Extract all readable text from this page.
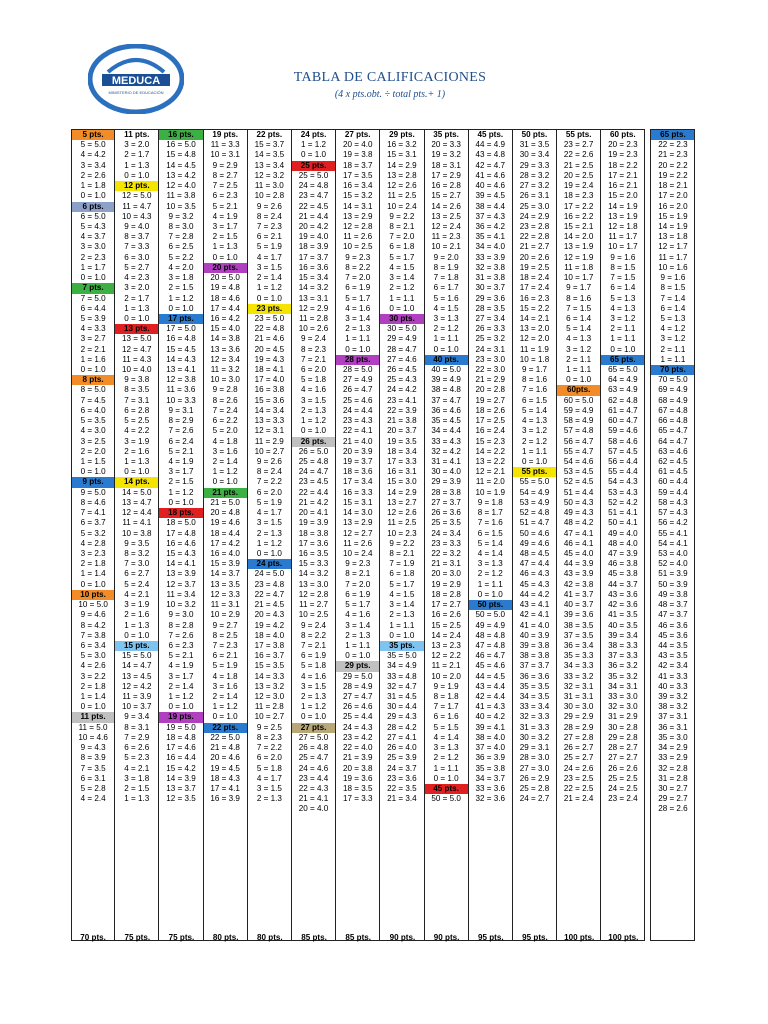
MEDUCA
MINISTERIO DE EDUCACIÓN
TABLA DE CALIFICACIONES
(4 x pts.obt. ÷ total pts.+ 1)
5 pts.
5 = 5.0
4 = 4.2
3 = 3.4
2 = 2.6
1 = 1.8
0 = 1.0
6 pts.
6 = 5.0
5 = 4.3
4 = 3.7
3 = 3.0
2 = 2.3
1 = 1.7
0 = 1.0
7 pts.
7 = 5.0
6 = 4.4
5 = 3.9
4 = 3.3
3 = 2.7
2 = 2.1
1 = 1.6
0 = 1.0
8 pts.
8 = 5.0
7 = 4.5
6 = 4.0
5 = 3.5
4 = 3.0
3 = 2.5
2 = 2.0
1 = 1.5
0 = 1.0
9 pts.
9 = 5.0
8 = 4.6
7 = 4.1
6 = 3.7
5 = 3.2
4 = 2.8
3 = 2.3
2 = 1.8
1 = 1.4
0 = 1.0
10 pts.
10 = 5.0
9 = 4.6
8 = 4.2
7 = 3.8
6 = 3.4
5 = 3.0
4 = 2.6
3 = 2.2
2 = 1.8
1 = 1.4
0 = 1.0
11 pts.
11 = 5.0
10 = 4.6
9 = 4.3
8 = 3.9
7 = 3.5
6 = 3.1
5 = 2.8
4 = 2.4
11 pts.
3 = 2.0
2 = 1.7
1 = 1.3
0 = 1.0
12 pts.
12 = 5.0
11 = 4.7
10 = 4.3
9 = 4.0
8 = 3.7
7 = 3.3
6 = 3.0
5 = 2.7
4 = 2.3
3 = 2.0
2 = 1.7
1 = 1.3
0 = 1.0
13 pts.
13 = 5.0
12 = 4.7
11 = 4.3
10 = 4.0
9 = 3.8
8 = 3.5
7 = 3.1
6 = 2.8
5 = 2.5
4 = 2.2
3 = 1.9
2 = 1.6
1 = 1.3
0 = 1.0
14 pts.
14 = 5.0
13 = 4.7
12 = 4.4
11 = 4.1
10 = 3.8
9 = 3.5
8 = 3.2
7 = 3.0
6 = 2.7
5 = 2.4
4 = 2.1
3 = 1.9
2 = 1.6
1 = 1.3
0 = 1.0
15 pts.
15 = 5.0
14 = 4.7
13 = 4.5
12 = 4.2
11 = 3.9
10 = 3.7
9 = 3.4
8 = 3.1
7 = 2.9
6 = 2.6
5 = 2.3
4 = 2.1
3 = 1.8
2 = 1.5
1 = 1.3
16 pts.
16 = 5.0
15 = 4.8
14 = 4.5
13 = 4.2
12 = 4.0
11 = 3.8
10 = 3.5
9 = 3.2
8 = 3.0
7 = 2.8
6 = 2.5
5 = 2.2
4 = 2.0
3 = 1.8
2 = 1.5
1 = 1.2
0 = 1.0
17 pts.
17 = 5.0
16 = 4.8
15 = 4.5
14 = 4.3
13 = 4.1
12 = 3.8
11 = 3.6
10 = 3.3
9 = 3.1
8 = 2.9
7 = 2.6
6 = 2.4
5 = 2.1
4 = 1.9
3 = 1.7
2 = 1.5
1 = 1.2
0 = 1.0
18 pts.
18 = 5.0
17 = 4.8
16 = 4.6
15 = 4.3
14 = 4.1
13 = 3.9
12 = 3.7
11 = 3.4
10 = 3.2
9 = 3.0
8 = 2.8
7 = 2.6
6 = 2.3
5 = 2.1
4 = 1.9
3 = 1.7
2 = 1.4
1 = 1.2
0 = 1.0
19 pts.
19 = 5.0
18 = 4.8
17 = 4.6
16 = 4.4
15 = 4.2
14 = 3.9
13 = 3.7
12 = 3.5
19 pts.
11 = 3.3
10 = 3.1
9 = 2.9
8 = 2.7
7 = 2.5
6 = 2.3
5 = 2.1
4 = 1.9
3 = 1.7
2 = 1.5
1 = 1.3
0 = 1.0
20 pts.
20 = 5.0
19 = 4.8
18 = 4.6
17 = 4.4
16 = 4.2
15 = 4.0
14 = 3.8
13 = 3.6
12 = 3.4
11 = 3.2
10 = 3.0
9 = 2.8
8 = 2.6
7 = 2.4
6 = 2.2
5 = 2.0
4 = 1.8
3 = 1.6
2 = 1.4
1 = 1.2
0 = 1.0
21 pts.
21 = 5.0
20 = 4.8
19 = 4.6
18 = 4.4
17 = 4.2
16 = 4.0
15 = 3.9
14 = 3.7
13 = 3.5
12 = 3.3
11 = 3.1
10 = 2.9
9 = 2.7
8 = 2.5
7 = 2.3
6 = 2.1
5 = 1.9
4 = 1.8
3 = 1.6
2 = 1.4
1 = 1.2
0 = 1.0
22 pts.
22 = 5.0
21 = 4.8
20 = 4.6
19 = 4.5
18 = 4.3
17 = 4.1
16 = 3.9
22 pts.
15 = 3.7
14 = 3.5
13 = 3.4
12 = 3.2
11 = 3.0
10 = 2.8
9 = 2.6
8 = 2.4
7 = 2.3
6 = 2.1
5 = 1.9
4 = 1.7
3 = 1.5
2 = 1.4
1 = 1.2
0 = 1.0
23 pts.
23 = 5.0
22 = 4.8
21 = 4.6
20 = 4.5
19 = 4.3
18 = 4.1
17 = 4.0
16 = 3.8
15 = 3.6
14 = 3.4
13 = 3.3
12 = 3.1
11 = 2.9
10 = 2.7
9 = 2.6
8 = 2.4
7 = 2.2
6 = 2.0
5 = 1.9
4 = 1.7
3 = 1.5
2 = 1.3
1 = 1.2
0 = 1.0
24 pts.
24 = 5.0
23 = 4.8
22 = 4.7
21 = 4.5
20 = 4.3
19 = 4.2
18 = 4.0
17 = 3.8
16 = 3.7
15 = 3.5
14 = 3.3
13 = 3.2
12 = 3.0
11 = 2.8
10 = 2.7
9 = 2.5
8 = 2.3
7 = 2.2
6 = 2.0
5 = 1.8
4 = 1.7
3 = 1.5
2 = 1.3
24 pts.
1 = 1.2
0 = 1.0
25 pts.
25 = 5.0
24 = 4.8
23 = 4.7
22 = 4.5
21 = 4.4
20 = 4.2
19 = 4.0
18 = 3.9
17 = 3.7
16 = 3.6
15 = 3.4
14 = 3.2
13 = 3.1
12 = 2.9
11 = 2.8
10 = 2.6
9 = 2.4
8 = 2.3
7 = 2.1
6 = 2.0
5 = 1.8
4 = 1.6
3 = 1.5
2 = 1.3
1 = 1.2
0 = 1.0
26 pts.
26 = 5.0
25 = 4.8
24 = 4.7
23 = 4.5
22 = 4.4
21 = 4.2
20 = 4.1
19 = 3.9
18 = 3.8
17 = 3.6
16 = 3.5
15 = 3.3
14 = 3.2
13 = 3.0
12 = 2.8
11 = 2.7
10 = 2.5
9 = 2.4
8 = 2.2
7 = 2.1
6 = 1.9
5 = 1.8
4 = 1.6
3 = 1.5
2 = 1.3
1 = 1.2
0 = 1.0
27 pts.
27 = 5.0
26 = 4.8
25 = 4.7
24 = 4.6
23 = 4.4
22 = 4.3
21 = 4.1
20 = 4.0
27 pts.
20 = 4.0
19 = 3.8
18 = 3.7
17 = 3.5
16 = 3.4
15 = 3.2
14 = 3.1
13 = 2.9
12 = 2.8
11 = 2.6
10 = 2.5
9 = 2.3
8 = 2.2
7 = 2.0
6 = 1.9
5 = 1.7
4 = 1.6
3 = 1.4
2 = 1.3
1 = 1.1
0 = 1.0
28 pts.
28 = 5.0
27 = 4.9
26 = 4.7
25 = 4.6
24 = 4.4
23 = 4.3
22 = 4.1
21 = 4.0
20 = 3.9
19 = 3.7
18 = 3.6
17 = 3.4
16 = 3.3
15 = 3.1
14 = 3.0
13 = 2.9
12 = 2.7
11 = 2.6
10 = 2.4
9 = 2.3
8 = 2.1
7 = 2.0
6 = 1.9
5 = 1.7
4 = 1.6
3 = 1.4
2 = 1.3
1 = 1.1
0 = 1.0
29 pts.
29 = 5.0
28 = 4.9
27 = 4.7
26 = 4.6
25 = 4.4
24 = 4.3
23 = 4.2
22 = 4.0
21 = 3.9
20 = 3.8
19 = 3.6
18 = 3.5
17 = 3.3
29 pts.
16 = 3.2
15 = 3.1
14 = 2.9
13 = 2.8
12 = 2.6
11 = 2.5
10 = 2.4
9 = 2.2
8 = 2.1
7 = 2.0
6 = 1.8
5 = 1.7
4 = 1.5
3 = 1.4
2 = 1.2
1 = 1.1
0 = 1.0
30 pts.
30 = 5.0
29 = 4.9
28 = 4.7
27 = 4.6
26 = 4.5
25 = 4.3
24 = 4.2
23 = 4.1
22 = 3.9
21 = 3.8
20 = 3.7
19 = 3.5
18 = 3.4
17 = 3.3
16 = 3.1
15 = 3.0
14 = 2.9
13 = 2.7
12 = 2.6
11 = 2.5
10 = 2.3
9 = 2.2
8 = 2.1
7 = 1.9
6 = 1.8
5 = 1.7
4 = 1.5
3 = 1.4
2 = 1.3
1 = 1.1
0 = 1.0
35 pts.
35 = 5.0
34 = 4.9
33 = 4.8
32 = 4.7
31 = 4.5
30 = 4.4
29 = 4.3
28 = 4.2
27 = 4.1
26 = 4.0
25 = 3.9
24 = 3.7
23 = 3.6
22 = 3.5
21 = 3.4
35 pts.
20 = 3.3
19 = 3.2
18 = 3.1
17 = 2.9
16 = 2.8
15 = 2.7
14 = 2.6
13 = 2.5
12 = 2.4
11 = 2.3
10 = 2.1
9 = 2.0
8 = 1.9
7 = 1.8
6 = 1.7
5 = 1.6
4 = 1.5
3 = 1.3
2 = 1.2
1 = 1.1
0 = 1.0
40 pts.
40 = 5.0
39 = 4.9
38 = 4.8
37 = 4.7
36 = 4.6
35 = 4.5
34 = 4.4
33 = 4.3
32 = 4.2
31 = 4.1
30 = 4.0
29 = 3.9
28 = 3.8
27 = 3.7
26 = 3.6
25 = 3.5
24 = 3.4
23 = 3.3
22 = 3.2
21 = 3.1
20 = 3.0
19 = 2.9
18 = 2.8
17 = 2.7
16 = 2.6
15 = 2.5
14 = 2.4
13 = 2.3
12 = 2.2
11 = 2.1
10 = 2.0
9 = 1.9
8 = 1.8
7 = 1.7
6 = 1.6
5 = 1.5
4 = 1.4
3 = 1.3
2 = 1.2
1 = 1.1
0 = 1.0
45 pts.
50 = 5.0
45 pts.
44 = 4.9
43 = 4.8
42 = 4.7
41 = 4.6
40 = 4.6
39 = 4.5
38 = 4.4
37 = 4.3
36 = 4.2
35 = 4.1
34 = 4.0
33 = 3.9
32 = 3.8
31 = 3.8
30 = 3.7
29 = 3.6
28 = 3.5
27 = 3.4
26 = 3.3
25 = 3.2
24 = 3.1
23 = 3.0
22 = 3.0
21 = 2.9
20 = 2.8
19 = 2.7
18 = 2.6
17 = 2.5
16 = 2.4
15 = 2.3
14 = 2.2
13 = 2.2
12 = 2.1
11 = 2.0
10 = 1.9
9 = 1.8
8 = 1.7
7 = 1.6
6 = 1.5
5 = 1.4
4 = 1.4
3 = 1.3
2 = 1.2
1 = 1.1
0 = 1.0
50 pts.
50 = 5.0
49 = 4.9
48 = 4.8
47 = 4.8
46 = 4.7
45 = 4.6
44 = 4.5
43 = 4.4
42 = 4.4
41 = 4.3
40 = 4.2
39 = 4.1
38 = 4.0
37 = 4.0
36 = 3.9
35 = 3.8
34 = 3.7
33 = 3.6
32 = 3.6
50 pts.
31 = 3.5
30 = 3.4
29 = 3.3
28 = 3.2
27 = 3.2
26 = 3.1
25 = 3.0
24 = 2.9
23 = 2.8
22 = 2.8
21 = 2.7
20 = 2.6
19 = 2.5
18 = 2.4
17 = 2.4
16 = 2.3
15 = 2.2
14 = 2.1
13 = 2.0
12 = 2.0
11 = 1.9
10 = 1.8
9 = 1.7
8 = 1.6
7 = 1.6
6 = 1.5
5 = 1.4
4 = 1.3
3 = 1.2
2 = 1.2
1 = 1.1
0 = 1.0
55 pts.
55 = 5.0
54 = 4.9
53 = 4.9
52 = 4.8
51 = 4.7
50 = 4.6
49 = 4.6
48 = 4.5
47 = 4.4
46 = 4.3
45 = 4.3
44 = 4.2
43 = 4.1
42 = 4.1
41 = 4.0
40 = 3.9
39 = 3.8
38 = 3.8
37 = 3.7
36 = 3.6
35 = 3.5
34 = 3.5
33 = 3.4
32 = 3.3
31 = 3.3
30 = 3.2
29 = 3.1
28 = 3.0
27 = 3.0
26 = 2.9
25 = 2.8
24 = 2.7
55 pts.
23 = 2.7
22 = 2.6
21 = 2.5
20 = 2.5
19 = 2.4
18 = 2.3
17 = 2.2
16 = 2.2
15 = 2.1
14 = 2.0
13 = 1.9
12 = 1.9
11 = 1.8
10 = 1.7
9 = 1.7
8 = 1.6
7 = 1.5
6 = 1.4
5 = 1.4
4 = 1.3
3 = 1.2
2 = 1.1
1 = 1.1
0 = 1.0
60pts.
60 = 5.0
59 = 4.9
58 = 4.9
57 = 4.8
56 = 4.7
55 = 4.7
54 = 4.6
53 = 4.5
52 = 4.5
51 = 4.4
50 = 4.3
49 = 4.3
48 = 4.2
47 = 4.1
46 = 4.1
45 = 4.0
44 = 3.9
43 = 3.9
42 = 3.8
41 = 3.7
40 = 3.7
39 = 3.6
38 = 3.5
37 = 3.5
36 = 3.4
35 = 3.3
34 = 3.3
33 = 3.2
32 = 3.1
31 = 3.1
30 = 3.0
29 = 2.9
28 = 2.9
27 = 2.8
26 = 2.7
25 = 2.7
24 = 2.6
23 = 2.5
22 = 2.5
21 = 2.4
60 pts.
20 = 2.3
19 = 2.3
18 = 2.2
17 = 2.1
16 = 2.1
15 = 2.0
14 = 1.9
13 = 1.9
12 = 1.8
11 = 1.7
10 = 1.7
9 = 1.6
8 = 1.5
7 = 1.5
6 = 1.4
5 = 1.3
4 = 1.3
3 = 1.2
2 = 1.1
1 = 1.1
0 = 1.0
65 pts.
65 = 5.0
64 = 4.9
63 = 4.9
62 = 4.8
61 = 4.7
60 = 4.7
59 = 4.6
58 = 4.6
57 = 4.5
56 = 4.4
55 = 4.4
54 = 4.3
53 = 4.3
52 = 4.2
51 = 4.1
50 = 4.1
49 = 4.0
48 = 4.0
47 = 3.9
46 = 3.8
45 = 3.8
44 = 3.7
43 = 3.6
42 = 3.6
41 = 3.5
40 = 3.5
39 = 3.4
38 = 3.3
37 = 3.3
36 = 3.2
35 = 3.2
34 = 3.1
33 = 3.0
32 = 3.0
31 = 2.9
30 = 2.8
29 = 2.8
28 = 2.7
27 = 2.7
26 = 2.6
25 = 2.5
24 = 2.5
23 = 2.4
65 pts.
22 = 2.3
21 = 2.3
20 = 2.2
19 = 2.2
18 = 2.1
17 = 2.0
16 = 2.0
15 = 1.9
14 = 1.9
13 = 1.8
12 = 1.7
11 = 1.7
10 = 1.6
9 = 1.6
8 = 1.5
7 = 1.4
6 = 1.4
5 = 1.3
4 = 1.2
3 = 1.2
2 = 1.1
1 = 1.1
70 pts.
70 = 5.0
69 = 4.9
68 = 4.9
67 = 4.8
66 = 4.8
65 = 4.7
64 = 4.7
63 = 4.6
62 = 4.5
61 = 4.5
60 = 4.4
59 = 4.4
58 = 4.3
57 = 4.3
56 = 4.2
55 = 4.1
54 = 4.1
53 = 4.0
52 = 4.0
51 = 3.9
50 = 3.9
49 = 3.8
48 = 3.7
47 = 3.7
46 = 3.6
45 = 3.6
44 = 3.5
43 = 3.5
42 = 3.4
41 = 3.3
40 = 3.3
39 = 3.2
38 = 3.2
37 = 3.1
36 = 3.1
35 = 3.0
34 = 2.9
33 = 2.9
32 = 2.8
31 = 2.8
30 = 2.7
29 = 2.7
28 = 2.6
70 pts.	75 pts.	75 pts.	80 pts.	80 pts.	85 pts.	85 pts.	90 pts.	90 pts.	95 pts.	95 pts.	100 pts.	100 pts.
